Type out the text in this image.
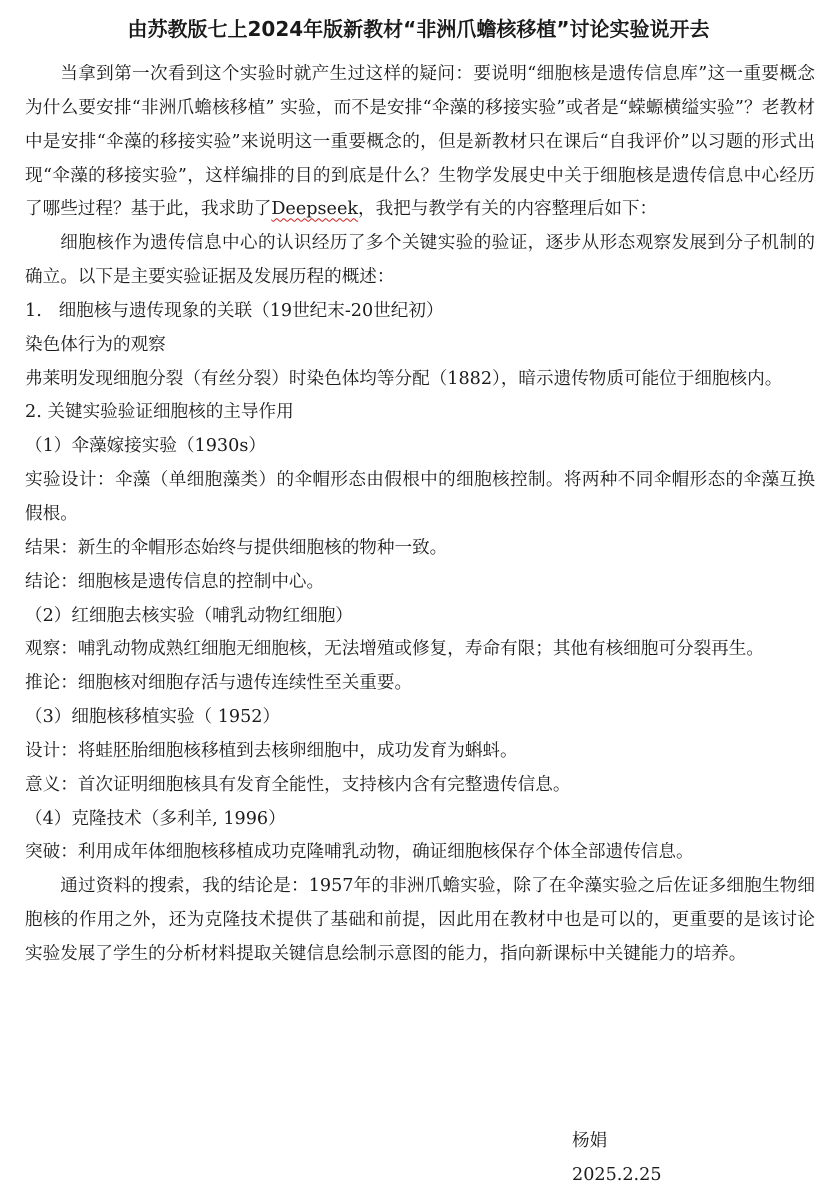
由苏教版七上2024年版新教材“非洲爪蟾核移植”讨论实验说开去

当拿到第一次看到这个实验时就产生过这样的疑问：要说明“细胞核是遗传信息库”这一重要概念为什么要安排“非洲爪蟾核移植” 实验，而不是安排“伞藻的移接实验”或者是“蝾螈横缢实验”？老教材中是安排“伞藻的移接实验”来说明这一重要概念的，但是新教材只在课后“自我评价”以习题的形式出现“伞藻的移接实验”，这样编排的目的到底是什么？生物学发展史中关于细胞核是遗传信息中心经历了哪些过程？基于此，我求助了Deepseek，我把与教学有关的内容整理后如下：

细胞核作为遗传信息中心的认识经历了多个关键实验的验证，逐步从形态观察发展到分子机制的确立。以下是主要实验证据及发展历程的概述：

1.   细胞核与遗传现象的关联（19世纪末-20世纪初）

染色体行为的观察

弗莱明发现细胞分裂（有丝分裂）时染色体均等分配（1882），暗示遗传物质可能位于细胞核内。

2. 关键实验验证细胞核的主导作用

（1）伞藻嫁接实验（1930s）

实验设计：伞藻（单细胞藻类）的伞帽形态由假根中的细胞核控制。将两种不同伞帽形态的伞藻互换假根。

结果：新生的伞帽形态始终与提供细胞核的物种一致。

结论：细胞核是遗传信息的控制中心。

（2）红细胞去核实验（哺乳动物红细胞）

观察：哺乳动物成熟红细胞无细胞核，无法增殖或修复，寿命有限；其他有核细胞可分裂再生。

推论：细胞核对细胞存活与遗传连续性至关重要。

（3）细胞核移植实验（ 1952）

设计：将蛙胚胎细胞核移植到去核卵细胞中，成功发育为蝌蚪。

意义：首次证明细胞核具有发育全能性，支持核内含有完整遗传信息。

（4）克隆技术（多利羊, 1996）

突破：利用成年体细胞核移植成功克隆哺乳动物，确证细胞核保存个体全部遗传信息。

通过资料的搜索，我的结论是：1957年的非洲爪蟾实验，除了在伞藻实验之后佐证多细胞生物细胞核的作用之外，还为克隆技术提供了基础和前提，因此用在教材中也是可以的，更重要的是该讨论实验发展了学生的分析材料提取关键信息绘制示意图的能力，指向新课标中关键能力的培养。

杨娟
2025.2.25
